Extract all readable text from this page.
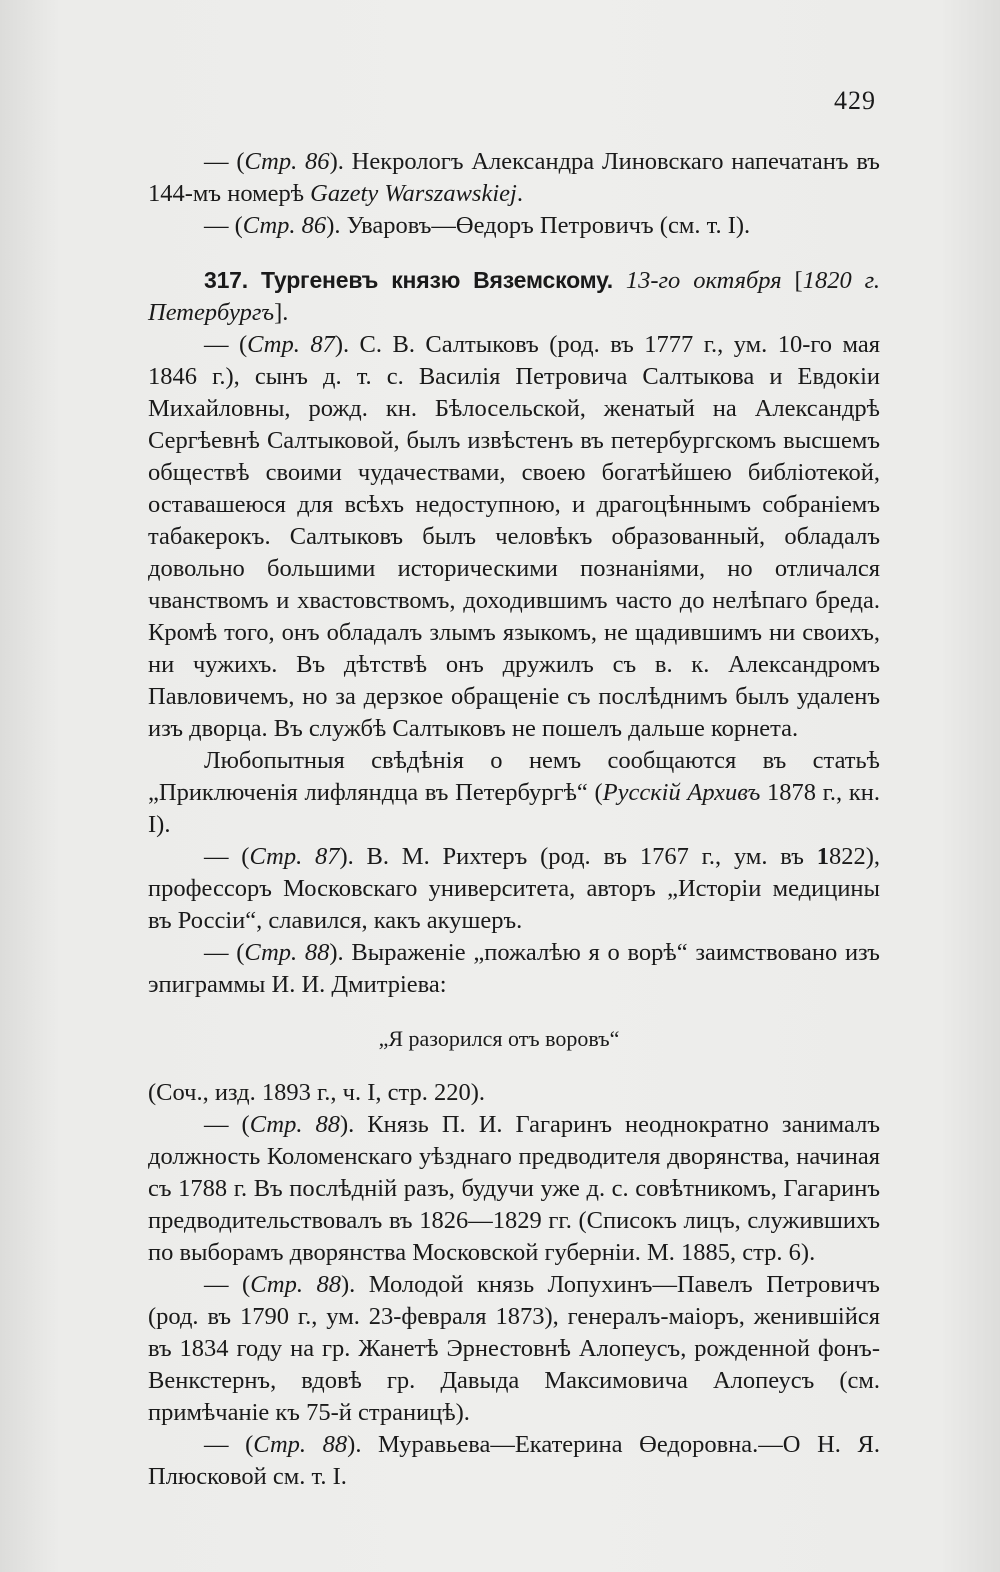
429

— (Стр. 86). Некрологъ Александра Линовскаго напечатанъ въ 144-мъ номерѣ Gazety Warszawskiej.

— (Стр. 86). Уваровъ—Өедоръ Петровичъ (см. т. I).

317. Тургеневъ князю Вяземскому. 13-го октября [1820 г. Петербургъ].

— (Стр. 87). С. В. Салтыковъ (род. въ 1777 г., ум. 10-го мая 1846 г.), сынъ д. т. с. Василія Петровича Салтыкова и Евдокіи Михайловны, рожд. кн. Бѣлосельской, женатый на Александрѣ Сергѣевнѣ Салтыковой, былъ извѣстенъ въ петербургскомъ высшемъ обществѣ своими чудачествами, своею богатѣйшею библіотекой, оставашеюся для всѣхъ недоступною, и драгоцѣннымъ собраніемъ табакерокъ. Салтыковъ былъ человѣкъ образованный, обладалъ довольно большими историческими познаніями, но отличался чванствомъ и хвастовствомъ, доходившимъ часто до нелѣпаго бреда. Кромѣ того, онъ обладалъ злымъ языкомъ, не щадившимъ ни своихъ, ни чужихъ. Въ дѣтствѣ онъ дружилъ съ в. к. Александромъ Павловичемъ, но за дерзкое обращеніе съ послѣднимъ былъ удаленъ изъ дворца. Въ службѣ Салтыковъ не пошелъ дальше корнета.

Любопытныя свѣдѣнія о немъ сообщаются въ статьѣ „Приключенія лифляндца въ Петербургѣ“ (Русскій Архивъ 1878 г., кн. I).

— (Стр. 87). В. М. Рихтеръ (род. въ 1767 г., ум. въ 1822), профессоръ Московскаго университета, авторъ „Исторіи медицины въ Россіи“, славился, какъ акушеръ.

— (Стр. 88). Выраженіе „пожалѣю я о ворѣ“ заимствовано изъ эпиграммы И. И. Дмитріева:

„Я разорился отъ воровъ“

(Соч., изд. 1893 г., ч. I, стр. 220).

— (Стр. 88). Князь П. И. Гагаринъ неоднократно занималъ должность Коломенскаго уѣзднаго предводителя дворянства, начиная съ 1788 г. Въ послѣдній разъ, будучи уже д. с. совѣтникомъ, Гагаринъ предводительствовалъ въ 1826—1829 гг. (Списокъ лицъ, служившихъ по выборамъ дворянства Московской губерніи. М. 1885, стр. 6).

— (Стр. 88). Молодой князь Лопухинъ—Павелъ Петровичъ (род. въ 1790 г., ум. 23-февраля 1873), генералъ-маіоръ, женившійся въ 1834 году на гр. Жанетѣ Эрнестовнѣ Алопеусъ, рожденной фонъ-Венкстернъ, вдовѣ гр. Давыда Максимовича Алопеусъ (см. примѣчаніе къ 75-й страницѣ).

— (Стр. 88). Муравьева—Екатерина Өедоровна.—О Н. Я. Плюсковой см. т. I.
